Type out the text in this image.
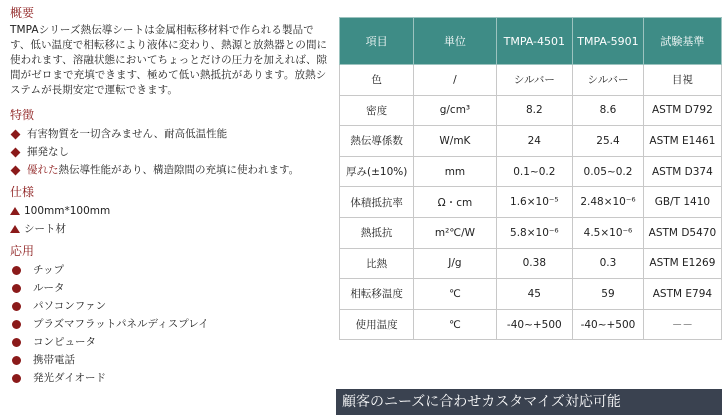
概要
TMPAシリーズ熱伝導シートは金属相転移材料で作られる製品です、低い温度で相転移により液体に変わり、熱源と放熱器との間に使われます、溶融状態においてちょっとだけの圧力を加えれば、隙間がゼロまで充填できます、極めて低い熱抵抗があります。放熱システムが長期安定で運転できます。
特徴
有害物質を一切含みません、耐高低温性能
揮発なし
優れた 熱伝導性能があり、構造隙間の充填に使われます。
仕様
100mm*100mm
シート材
応用
チップ
ルータ
パソコンファン
プラズマフラットパネルディスプレイ
コンピュータ
携帯電話
発光ダイオード
項目	単位	TMPA-4501	TMPA-5901	試験基準
色	/	シルバー	シルバー	目視
密度	g/cm³	8.2	8.6	ASTM D792
熱伝導係数	W/mK	24	25.4	ASTM E1461
厚み(±10%)	mm	0.1~0.2	0.05~0.2	ASTM D374
体積抵抗率	Ω・cm	1.6×10⁻⁵	2.48×10⁻⁶	GB/T 1410
熱抵抗	m²℃/W	5.8×10⁻⁶	4.5×10⁻⁶	ASTM D5470
比熱	J/g	0.38	0.3	ASTM E1269
相転移温度	℃	45	59	ASTM E794
使用温度	℃	-40~+500	-40~+500	－－
顧客のニーズに合わせカスタマイズ対応可能
